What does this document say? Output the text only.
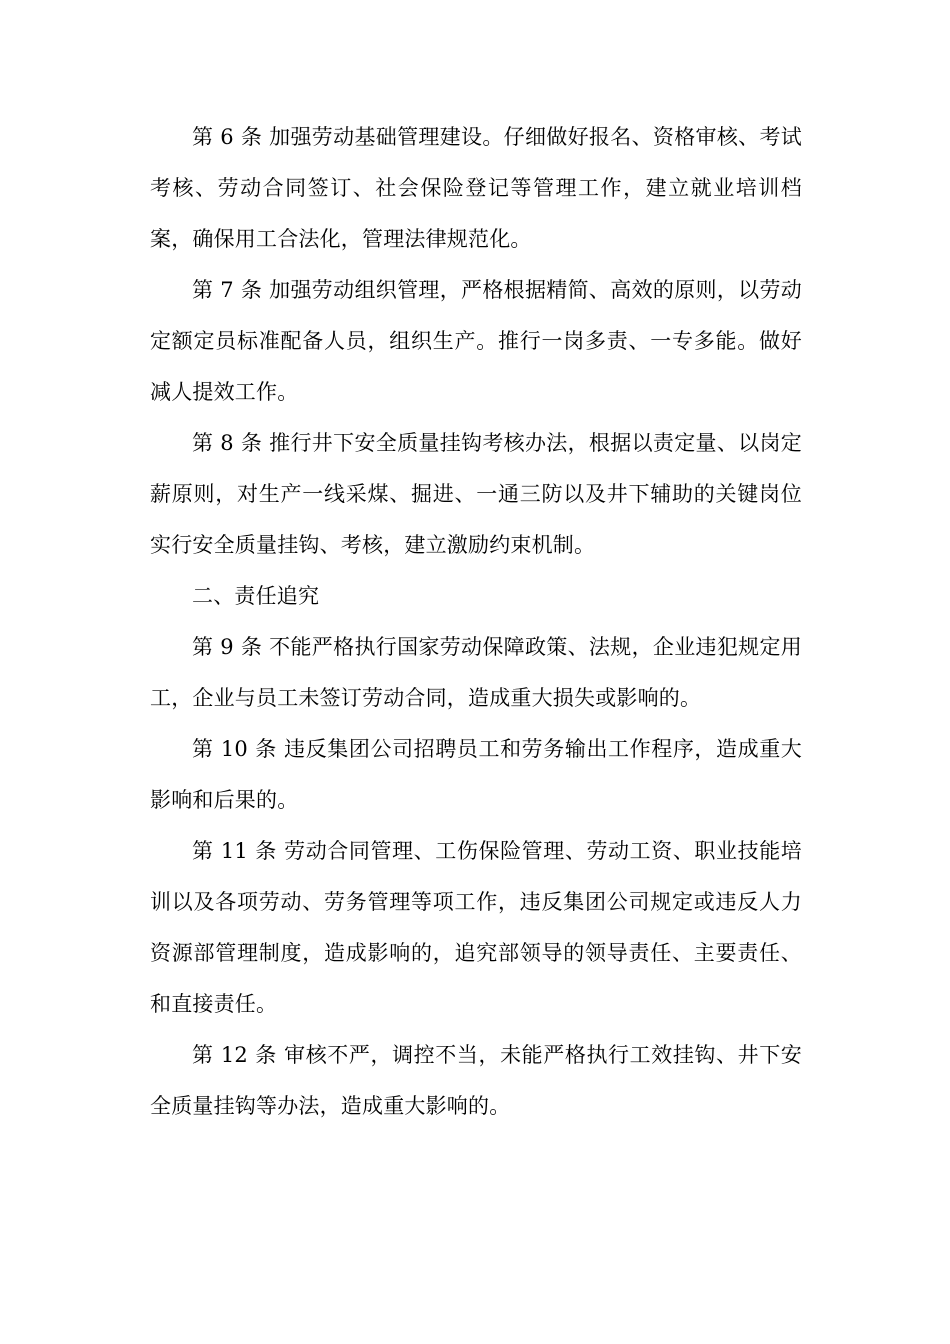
第 6 条 加强劳动基础管理建设。仔细做好报名、资格审核、考试考核、劳动合同签订、社会保险登记等管理工作，建立就业培训档案，确保用工合法化，管理法律规范化。

第 7 条 加强劳动组织管理，严格根据精简、高效的原则，以劳动定额定员标准配备人员，组织生产。推行一岗多责、一专多能。做好减人提效工作。

第 8 条 推行井下安全质量挂钩考核办法，根据以责定量、以岗定薪原则，对生产一线采煤、掘进、一通三防以及井下辅助的关键岗位实行安全质量挂钩、考核，建立激励约束机制。

二、责任追究

第 9 条 不能严格执行国家劳动保障政策、法规，企业违犯规定用工，企业与员工未签订劳动合同，造成重大损失或影响的。

第 10 条 违反集团公司招聘员工和劳务输出工作程序，造成重大影响和后果的。

第 11 条 劳动合同管理、工伤保险管理、劳动工资、职业技能培训以及各项劳动、劳务管理等项工作，违反集团公司规定或违反人力资源部管理制度，造成影响的，追究部领导的领导责任、主要责任、和直接责任。

第 12 条 审核不严，调控不当，未能严格执行工效挂钩、井下安全质量挂钩等办法，造成重大影响的。
